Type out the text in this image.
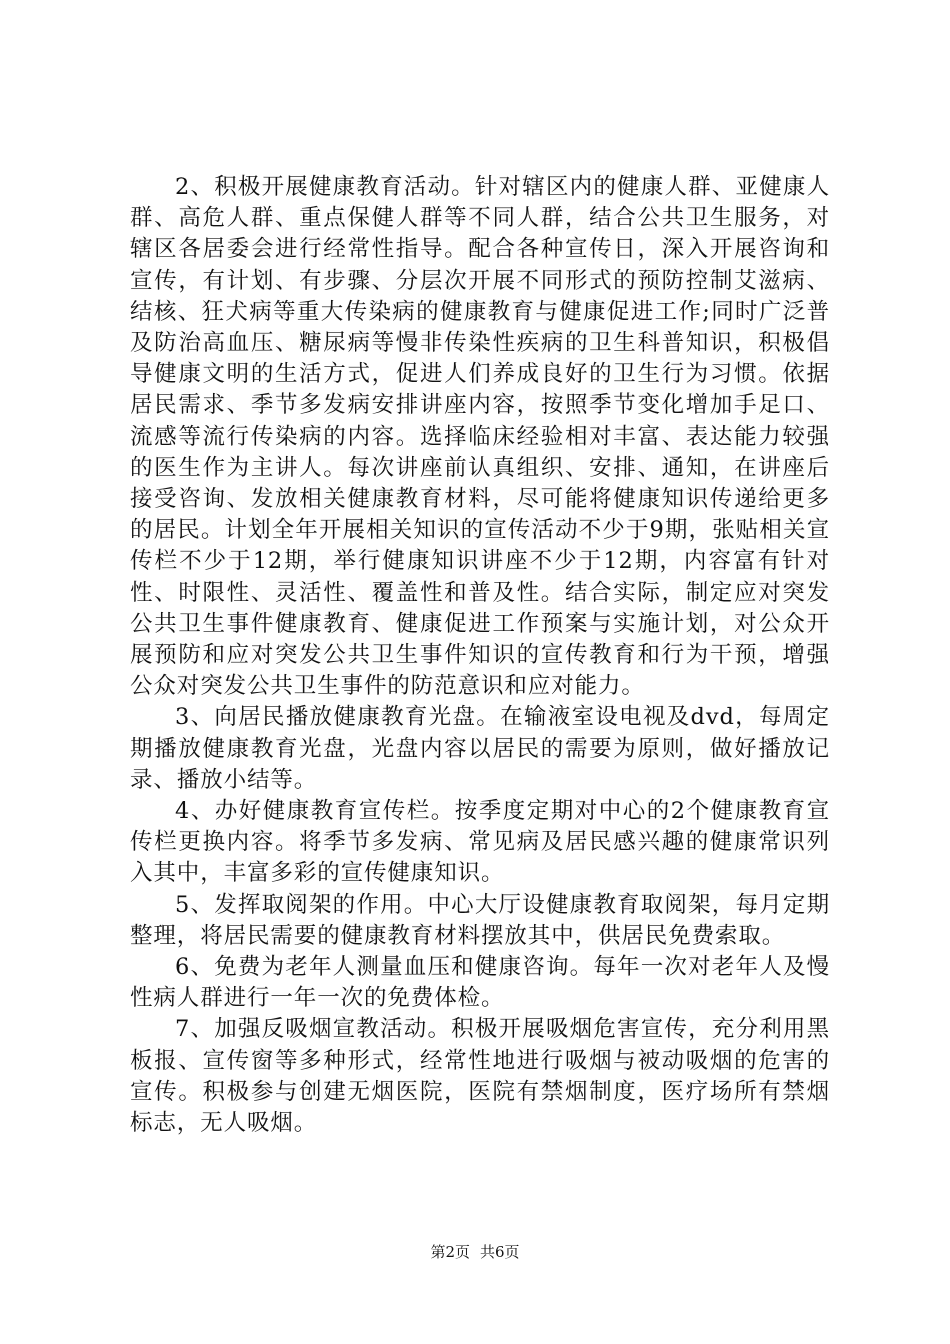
2、积极开展健康教育活动。针对辖区内的健康人群、亚健康人群、高危人群、重点保健人群等不同人群，结合公共卫生服务，对辖区各居委会进行经常性指导。配合各种宣传日，深入开展咨询和宣传，有计划、有步骤、分层次开展不同形式的预防控制艾滋病、结核、狂犬病等重大传染病的健康教育与健康促进工作;同时广泛普及防治高血压、糖尿病等慢非传染性疾病的卫生科普知识，积极倡导健康文明的生活方式，促进人们养成良好的卫生行为习惯。依据居民需求、季节多发病安排讲座内容，按照季节变化增加手足口、流感等流行传染病的内容。选择临床经验相对丰富、表达能力较强的医生作为主讲人。每次讲座前认真组织、安排、通知，在讲座后接受咨询、发放相关健康教育材料，尽可能将健康知识传递给更多的居民。计划全年开展相关知识的宣传活动不少于9期，张贴相关宣传栏不少于12期，举行健康知识讲座不少于12期，内容富有针对性、时限性、灵活性、覆盖性和普及性。结合实际，制定应对突发公共卫生事件健康教育、健康促进工作预案与实施计划，对公众开展预防和应对突发公共卫生事件知识的宣传教育和行为干预，增强公众对突发公共卫生事件的防范意识和应对能力。

3、向居民播放健康教育光盘。在输液室设电视及dvd，每周定期播放健康教育光盘，光盘内容以居民的需要为原则，做好播放记录、播放小结等。

4、办好健康教育宣传栏。按季度定期对中心的2个健康教育宣传栏更换内容。将季节多发病、常见病及居民感兴趣的健康常识列入其中，丰富多彩的宣传健康知识。

5、发挥取阅架的作用。中心大厅设健康教育取阅架，每月定期整理，将居民需要的健康教育材料摆放其中，供居民免费索取。

6、免费为老年人测量血压和健康咨询。每年一次对老年人及慢性病人群进行一年一次的免费体检。

7、加强反吸烟宣教活动。积极开展吸烟危害宣传，充分利用黑板报、宣传窗等多种形式，经常性地进行吸烟与被动吸烟的危害的宣传。积极参与创建无烟医院，医院有禁烟制度，医疗场所有禁烟标志，无人吸烟。

第2页 共6页
